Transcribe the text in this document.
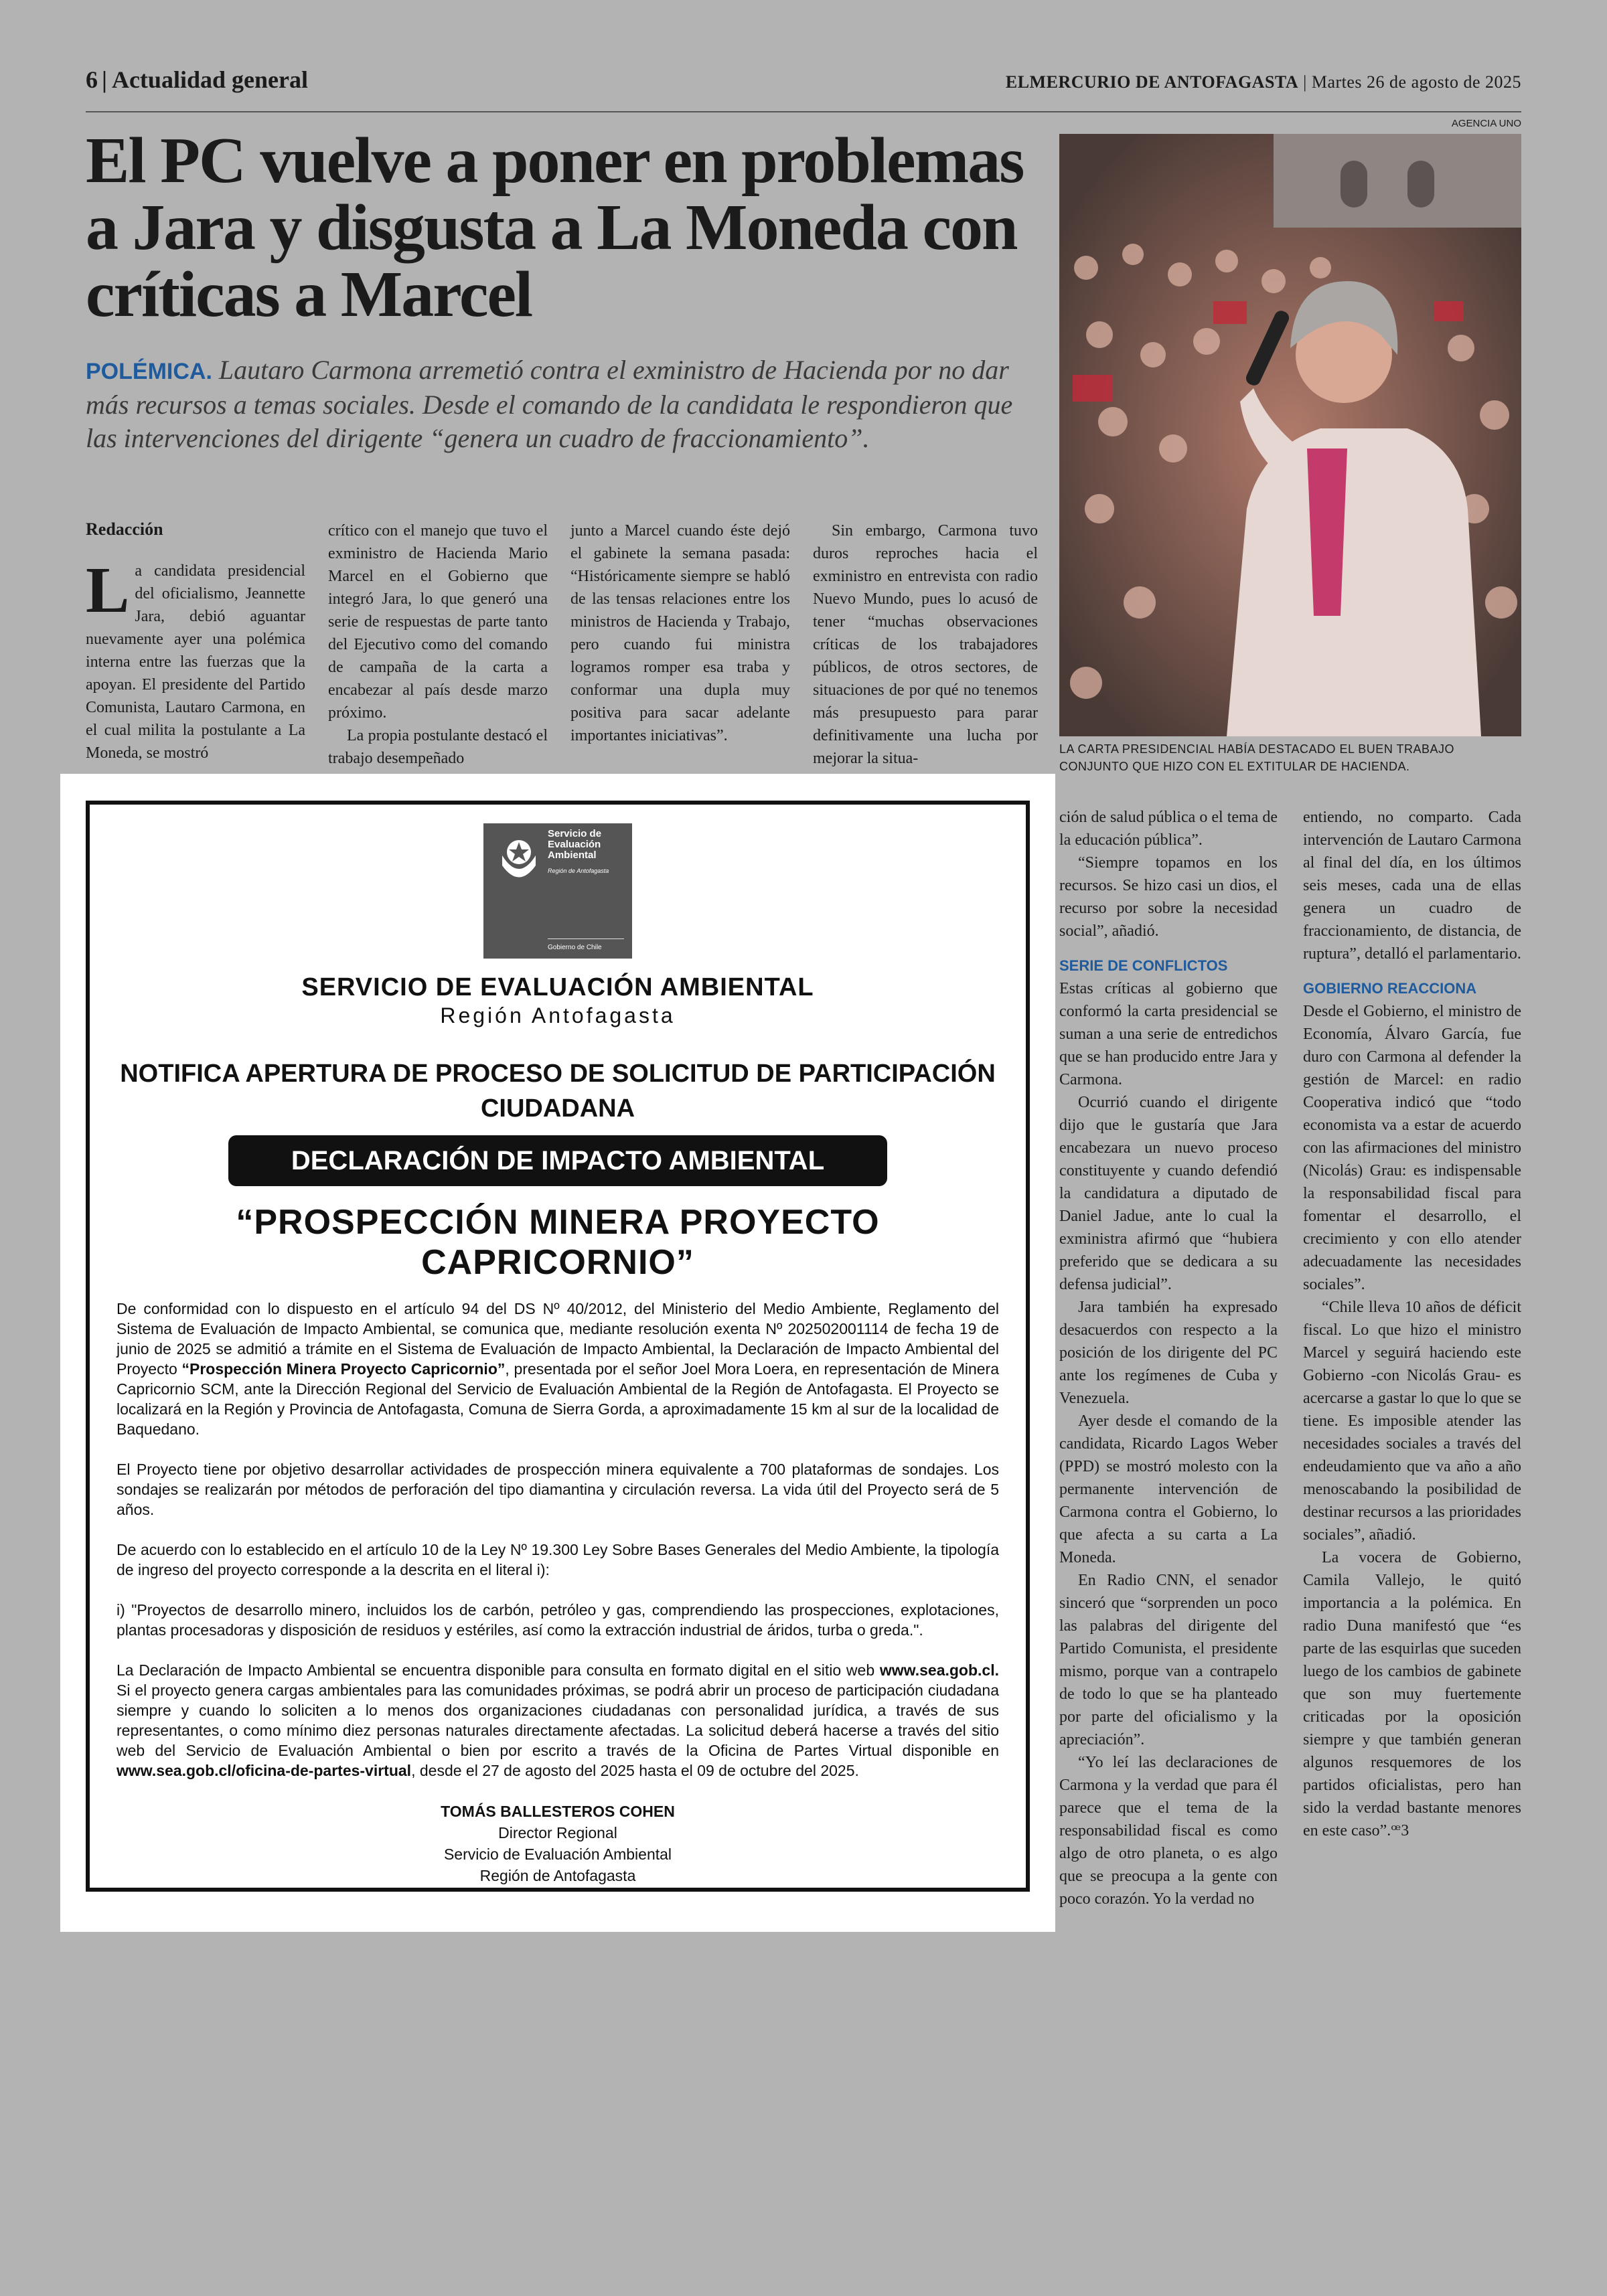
6 | Actualidad general	ELMERCURIO DE ANTOFAGASTA | Martes 26 de agosto de 2025
AGENCIA UNO
El PC vuelve a poner en problemas a Jara y disgusta a La Moneda con críticas a Marcel
POLÉMICA. Lautaro Carmona arremetió contra el exministro de Hacienda por no dar más recursos a temas sociales. Desde el comando de la candidata le respondieron que las intervenciones del dirigente “genera un cuadro de fraccionamiento”.
Redacción

La candidata presidencial del oficialismo, Jeannette Jara, debió aguantar nuevamente ayer una polémica interna entre las fuerzas que la apoyan. El presidente del Partido Comunista, Lautaro Carmona, en el cual milita la postulante a La Moneda, se mostró

crítico con el manejo que tuvo el exministro de Hacienda Mario Marcel en el Gobierno que integró Jara, lo que generó una serie de respuestas de parte tanto del Ejecutivo como del comando de campaña de la carta a encabezar al país desde marzo próximo.

La propia postulante destacó el trabajo desempeñado

junto a Marcel cuando éste dejó el gabinete la semana pasada: “Históricamente siempre se habló de las tensas relaciones entre los ministros de Hacienda y Trabajo, pero cuando fui ministra logramos romper esa traba y conformar una dupla muy positiva para sacar adelante importantes iniciativas”.

Sin embargo, Carmona tuvo duros reproches hacia el exministro en entrevista con radio Nuevo Mundo, pues lo acusó de tener “muchas observaciones críticas de los trabajadores públicos, de otros sectores, de situaciones de por qué no tenemos más presupuesto para parar definitivamente una lucha por mejorar la situa-

LA CARTA PRESIDENCIAL HABÍA DESTACADO EL BUEN TRABAJO CONJUNTO QUE HIZO CON EL EXTITULAR DE HACIENDA.

ción de salud pública o el tema de la educación pública”.

“Siempre topamos en los recursos. Se hizo casi un dios, el recurso por sobre la necesidad social”, añadió.

SERIE DE CONFLICTOS

Estas críticas al gobierno que conformó la carta presidencial se suman a una serie de entredichos que se han producido entre Jara y Carmona.

Ocurrió cuando el dirigente dijo que le gustaría que Jara encabezara un nuevo proceso constituyente y cuando defendió la candidatura a diputado de Daniel Jadue, ante lo cual la exministra afirmó que “hubiera preferido que se dedicara a su defensa judicial”.

Jara también ha expresado desacuerdos con respecto a la posición de los dirigente del PC ante los regímenes de Cuba y Venezuela.

Ayer desde el comando de la candidata, Ricardo Lagos Weber (PPD) se mostró molesto con la permanente intervención de Carmona contra el Gobierno, lo que afecta a su carta a La Moneda.

En Radio CNN, el senador sinceró que “sorprenden un poco las palabras del dirigente del Partido Comunista, el presidente mismo, porque van a contrapelo de todo lo que se ha planteado por parte del oficialismo y la apreciación”.

“Yo leí las declaraciones de Carmona y la verdad que para él parece que el tema de la responsabilidad fiscal es como algo de otro planeta, o es algo que se preocupa a la gente con poco corazón. Yo la verdad no

entiendo, no comparto. Cada intervención de Lautaro Carmona al final del día, en los últimos seis meses, cada una de ellas genera un cuadro de fraccionamiento, de distancia, de ruptura”, detalló el parlamentario.

GOBIERNO REACCIONA

Desde el Gobierno, el ministro de Economía, Álvaro García, fue duro con Carmona al defender la gestión de Marcel: en radio Cooperativa indicó que “todo economista va a estar de acuerdo con las afirmaciones del ministro (Nicolás) Grau: es indispensable la responsabilidad fiscal para fomentar el desarrollo, el crecimiento y con ello atender adecuadamente las necesidades sociales”.

“Chile lleva 10 años de déficit fiscal. Lo que hizo el ministro Marcel y seguirá haciendo este Gobierno -con Nicolás Grau- es acercarse a gastar lo que lo que se tiene. Es imposible atender las necesidades sociales a través del endeudamiento que va año a año menoscabando la posibilidad de destinar recursos a las prioridades sociales”, añadió.

La vocera de Gobierno, Camila Vallejo, le quitó importancia a la polémica. En radio Duna manifestó que “es parte de las esquirlas que suceden luego de los cambios de gabinete que son muy fuertemente criticadas por la oposición siempre y que también generan algunos resquemores de los partidos oficialistas, pero han sido la verdad bastante menores en este caso”.ꟹ3

Servicio de Evaluación Ambiental
Región de Antofagasta
Gobierno de Chile
SERVICIO DE EVALUACIÓN AMBIENTAL
Región Antofagasta
NOTIFICA APERTURA DE PROCESO DE SOLICITUD DE PARTICIPACIÓN CIUDADANA
DECLARACIÓN DE IMPACTO AMBIENTAL
“PROSPECCIÓN MINERA PROYECTO CAPRICORNIO”

De conformidad con lo dispuesto en el artículo 94 del DS Nº 40/2012, del Ministerio del Medio Ambiente, Reglamento del Sistema de Evaluación de Impacto Ambiental, se comunica que, mediante resolución exenta Nº 202502001114 de fecha 19 de junio de 2025 se admitió a trámite en el Sistema de Evaluación de Impacto Ambiental, la Declaración de Impacto Ambiental del Proyecto “Prospección Minera Proyecto Capricornio”, presentada por el señor Joel Mora Loera, en representación de Minera Capricornio SCM, ante la Dirección Regional del Servicio de Evaluación Ambiental de la Región de Antofagasta. El Proyecto se localizará en la Región y Provincia de Antofagasta, Comuna de Sierra Gorda, a aproximadamente 15 km al sur de la localidad de Baquedano.

El Proyecto tiene por objetivo desarrollar actividades de prospección minera equivalente a 700 plataformas de sondajes. Los sondajes se realizarán por métodos de perforación del tipo diamantina y circulación reversa. La vida útil del Proyecto será de 5 años.

De acuerdo con lo establecido en el artículo 10 de la Ley Nº 19.300 Ley Sobre Bases Generales del Medio Ambiente, la tipología de ingreso del proyecto corresponde a la descrita en el literal i):

i) "Proyectos de desarrollo minero, incluidos los de carbón, petróleo y gas, comprendiendo las prospecciones, explotaciones, plantas procesadoras y disposición de residuos y estériles, así como la extracción industrial de áridos, turba o greda.".

La Declaración de Impacto Ambiental se encuentra disponible para consulta en formato digital en el sitio web www.sea.gob.cl. Si el proyecto genera cargas ambientales para las comunidades próximas, se podrá abrir un proceso de participación ciudadana siempre y cuando lo soliciten a lo menos dos organizaciones ciudadanas con personalidad jurídica, a través de sus representantes, o como mínimo diez personas naturales directamente afectadas. La solicitud deberá hacerse a través del sitio web del Servicio de Evaluación Ambiental o bien por escrito a través de la Oficina de Partes Virtual disponible en www.sea.gob.cl/oficina-de-partes-virtual, desde el 27 de agosto del 2025 hasta el 09 de octubre del 2025.

TOMÁS BALLESTEROS COHEN
Director Regional
Servicio de Evaluación Ambiental
Región de Antofagasta
